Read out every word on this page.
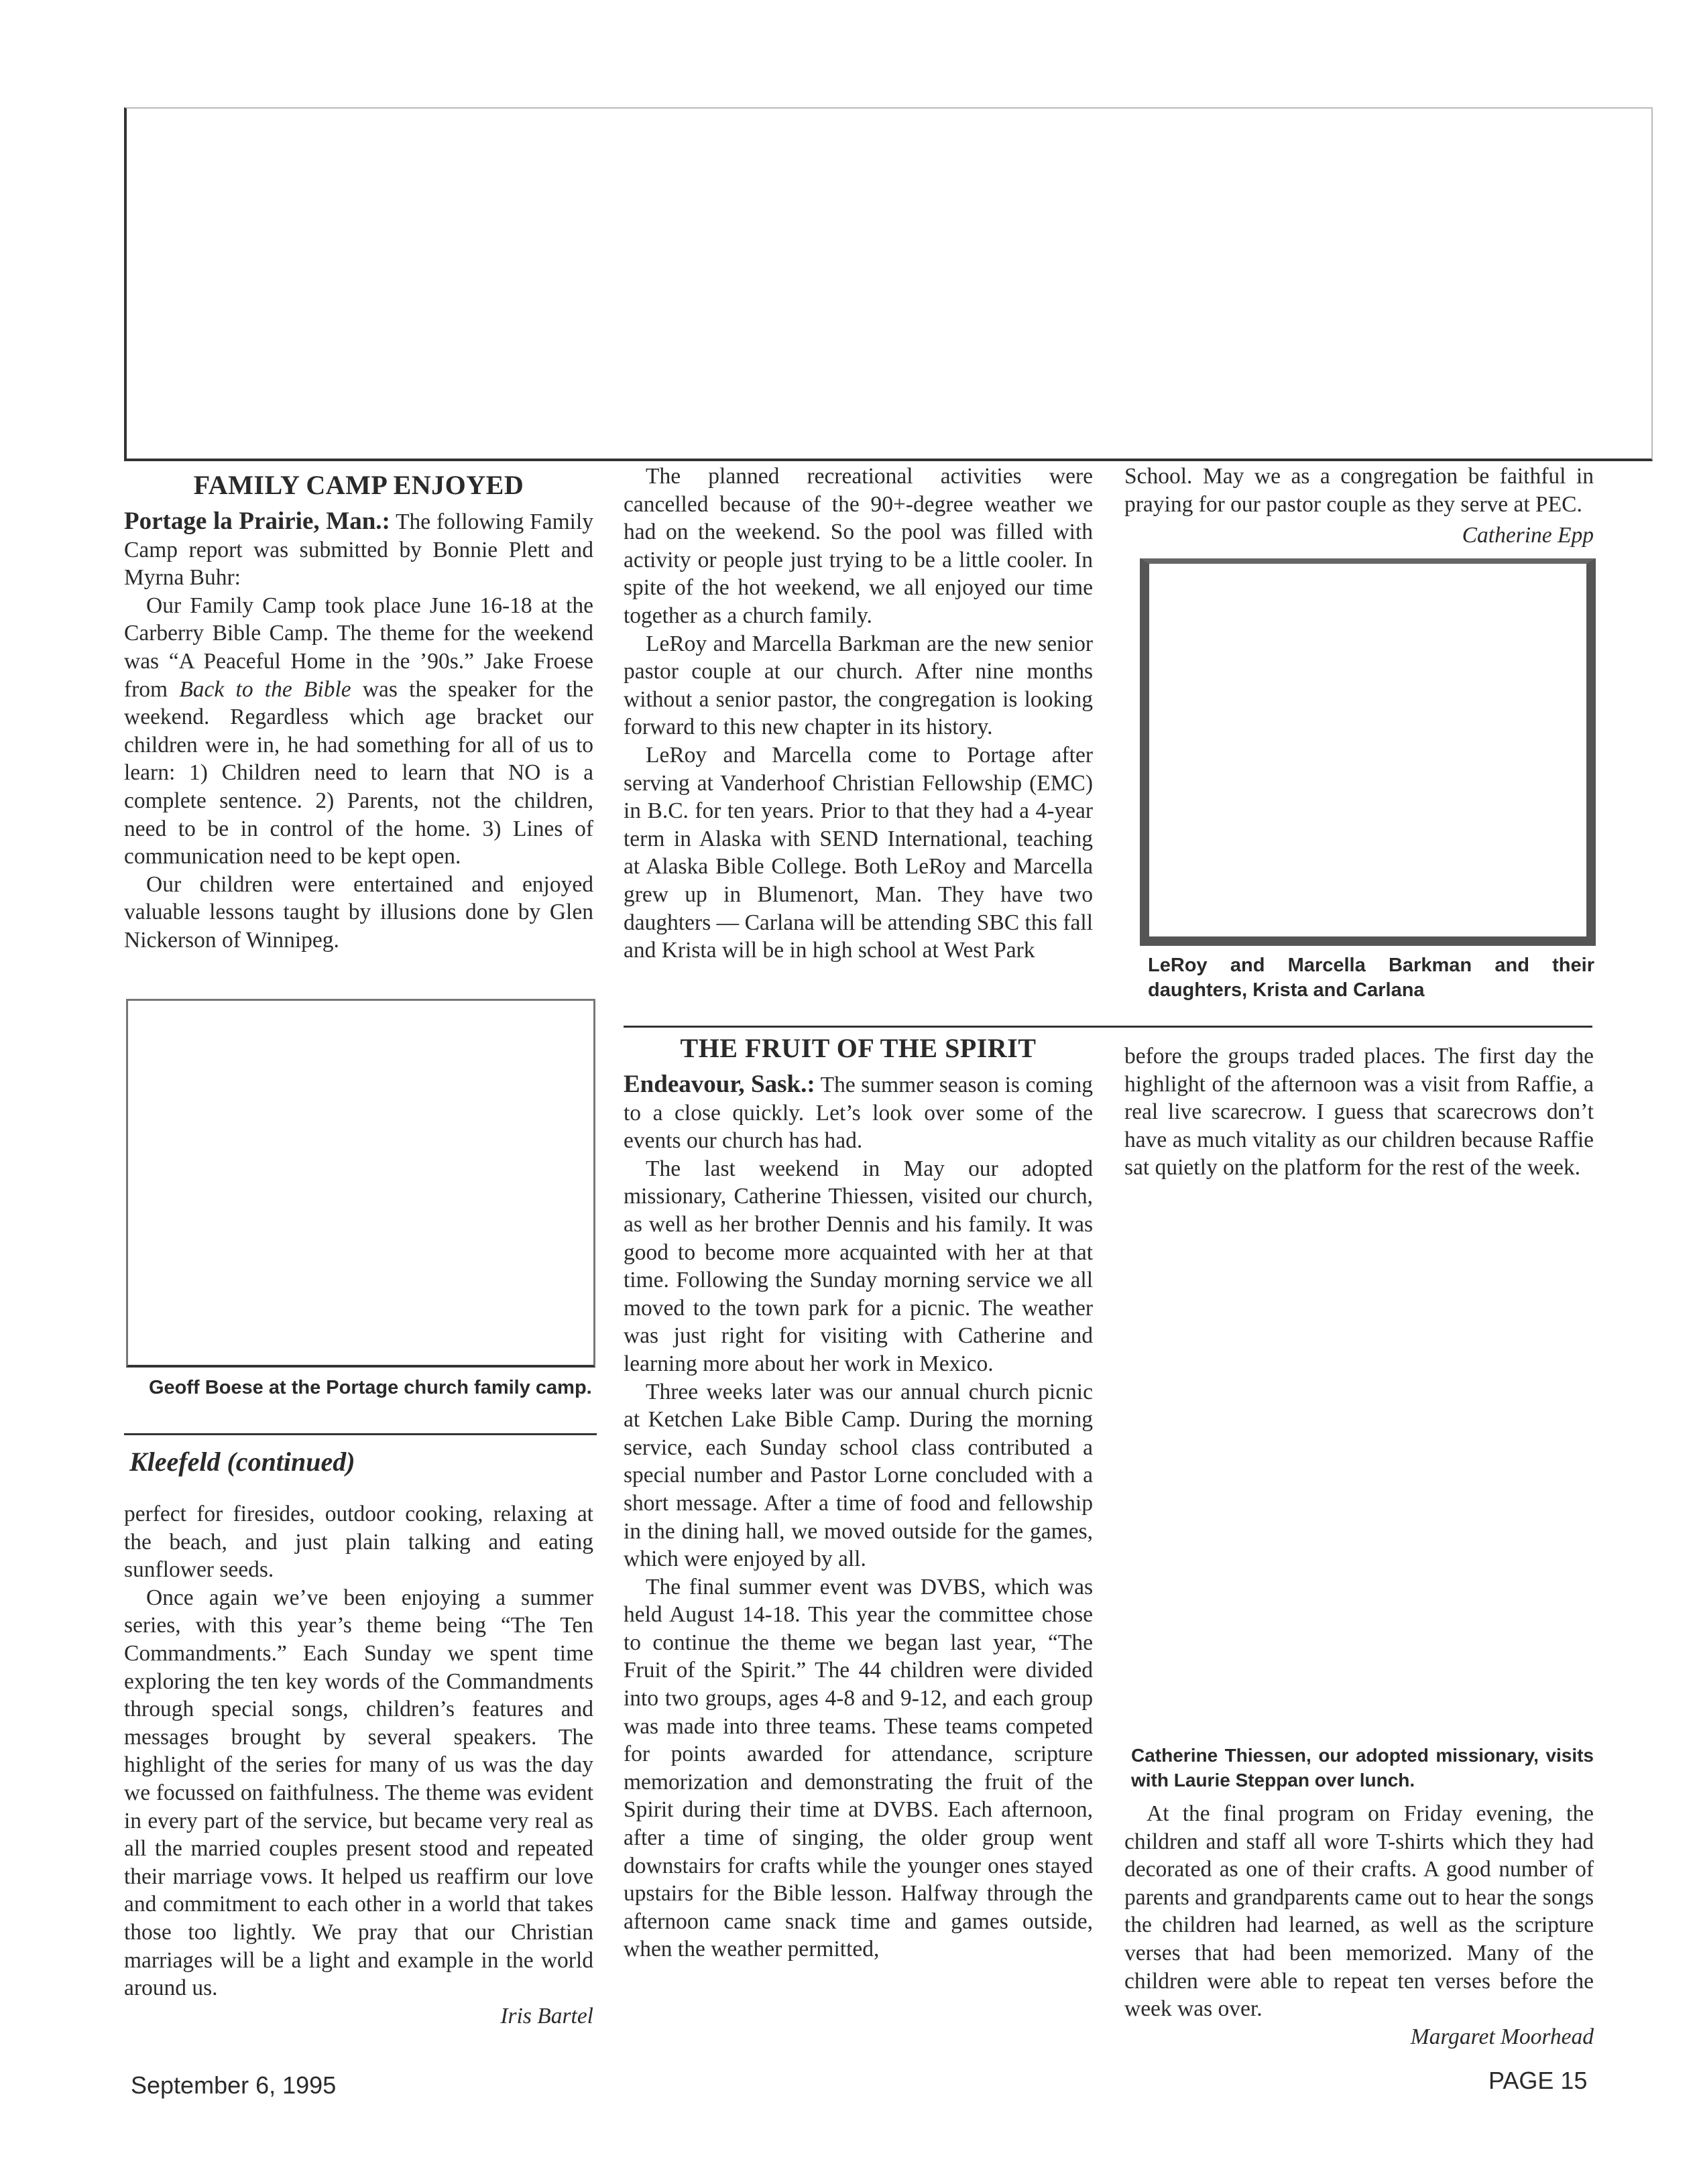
FAMILY CAMP ENJOYED

Portage la Prairie, Man.: The following Family Camp report was submitted by Bonnie Plett and Myrna Buhr:

Our Family Camp took place June 16-18 at the Carberry Bible Camp. The theme for the weekend was “A Peaceful Home in the ’90s.” Jake Froese from Back to the Bible was the speaker for the weekend. Regardless which age bracket our children were in, he had something for all of us to learn: 1) Children need to learn that NO is a complete sentence. 2) Parents, not the children, need to be in control of the home. 3) Lines of communication need to be kept open.

Our children were entertained and enjoyed valuable lessons taught by illusions done by Glen Nickerson of Winnipeg.

Geoff Boese at the Portage church family camp.
Kleefeld (continued)

perfect for firesides, outdoor cooking, relaxing at the beach, and just plain talking and eating sunflower seeds.

Once again we’ve been enjoying a summer series, with this year’s theme being “The Ten Commandments.” Each Sunday we spent time exploring the ten key words of the Commandments through special songs, children’s features and messages brought by several speakers. The highlight of the series for many of us was the day we focussed on faithfulness. The theme was evident in every part of the service, but became very real as all the married couples present stood and repeated their marriage vows. It helped us reaffirm our love and commitment to each other in a world that takes those too lightly. We pray that our Christian marriages will be a light and example in the world around us.

Iris Bartel

The planned recreational activities were cancelled because of the 90+-degree weather we had on the weekend. So the pool was filled with activity or people just trying to be a little cooler. In spite of the hot weekend, we all enjoyed our time together as a church family.

LeRoy and Marcella Barkman are the new senior pastor couple at our church. After nine months without a senior pastor, the congregation is looking forward to this new chapter in its history.

LeRoy and Marcella come to Portage after serving at Vanderhoof Christian Fellowship (EMC) in B.C. for ten years. Prior to that they had a 4-year term in Alaska with SEND International, teaching at Alaska Bible College. Both LeRoy and Marcella grew up in Blumenort, Man. They have two daughters — Carlana will be attending SBC this fall and Krista will be in high school at West Park

School. May we as a congregation be faithful in praying for our pastor couple as they serve at PEC.

Catherine Epp
LeRoy and Marcella Barkman and their daughters, Krista and Carlana
THE FRUIT OF THE SPIRIT

Endeavour, Sask.: The summer season is coming to a close quickly. Let’s look over some of the events our church has had.

The last weekend in May our adopted missionary, Catherine Thiessen, visited our church, as well as her brother Dennis and his family. It was good to become more acquainted with her at that time. Following the Sunday morning service we all moved to the town park for a picnic. The weather was just right for visiting with Catherine and learning more about her work in Mexico.

Three weeks later was our annual church picnic at Ketchen Lake Bible Camp. During the morning service, each Sunday school class contributed a special number and Pastor Lorne concluded with a short message. After a time of food and fellowship in the dining hall, we moved outside for the games, which were enjoyed by all.

The final summer event was DVBS, which was held August 14-18. This year the committee chose to continue the theme we began last year, “The Fruit of the Spirit.” The 44 children were divided into two groups, ages 4-8 and 9-12, and each group was made into three teams. These teams competed for points awarded for attendance, scripture memorization and demonstrating the fruit of the Spirit during their time at DVBS. Each afternoon, after a time of singing, the older group went downstairs for crafts while the younger ones stayed upstairs for the Bible lesson. Halfway through the afternoon came snack time and games outside, when the weather permitted,

before the groups traded places. The first day the highlight of the afternoon was a visit from Raffie, a real live scarecrow. I guess that scarecrows don’t have as much vitality as our children because Raffie sat quietly on the platform for the rest of the week.

Catherine Thiessen, our adopted missionary, visits with Laurie Steppan over lunch.

At the final program on Friday evening, the children and staff all wore T-shirts which they had decorated as one of their crafts. A good number of parents and grandparents came out to hear the songs the children had learned, as well as the scripture verses that had been memorized. Many of the children were able to repeat ten verses before the week was over.

Margaret Moorhead

September 6, 1995	PAGE 15
